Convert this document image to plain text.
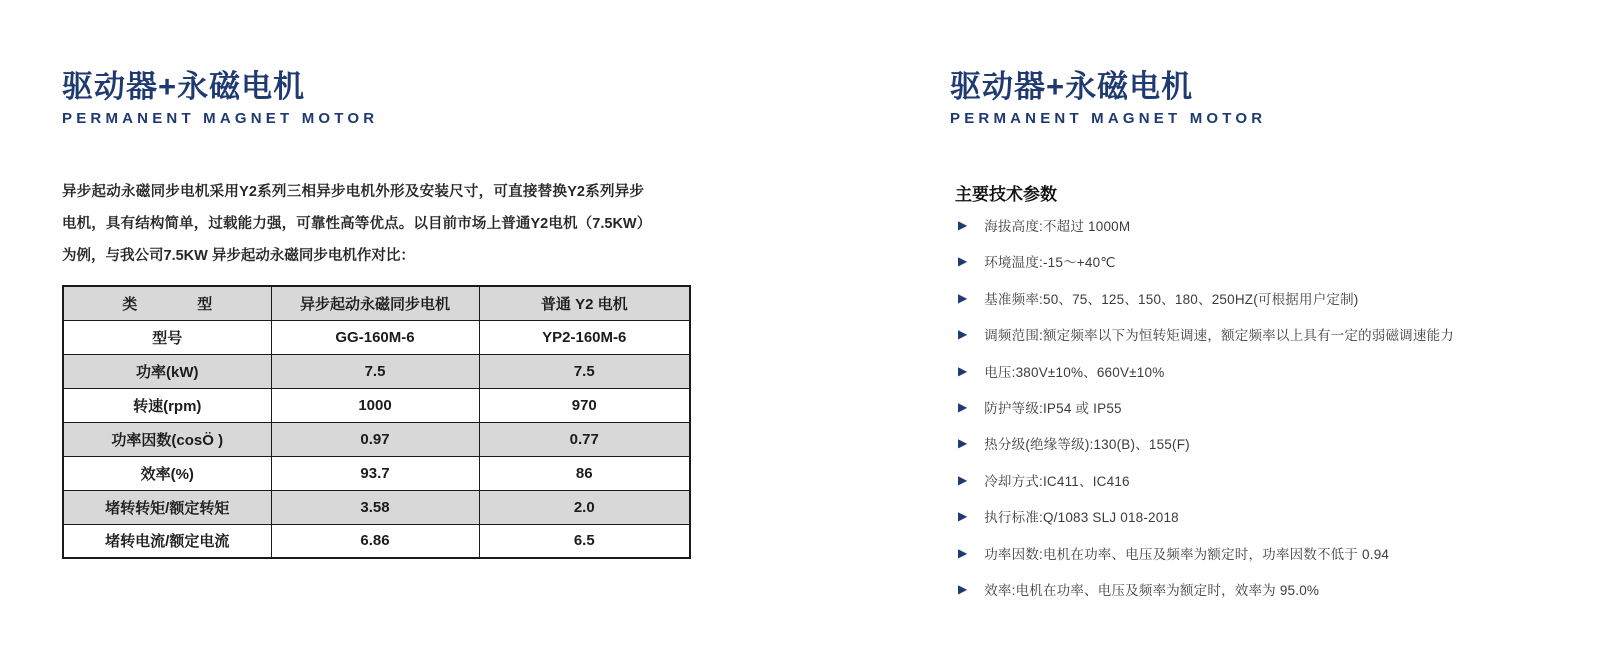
驱动器+永磁电机
PERMANENT MAGNET MOTOR

异步起动永磁同步电机采用Y2系列三相异步电机外形及安装尺寸，可直接替换Y2系列异步电机，具有结构简单，过载能力强，可靠性高等优点。以目前市场上普通Y2电机（7.5KW）为例，与我公司7.5KW 异步起动永磁同步电机作对比：

类　　　　型	异步起动永磁同步电机	普通 Y2 电机
型号	GG-160M-6	YP2-160M-6
功率(kW)	7.5	7.5
转速(rpm)	1000	970
功率因数(cosÖ )	0.97	0.77
效率(%)	93.7	86
堵转转矩/额定转矩	3.58	2.0
堵转电流/额定电流	6.86	6.5
驱动器+永磁电机
PERMANENT MAGNET MOTOR
主要技术参数
▶ 海拔高度:不超过 1000M
▶ 环境温度:-15～+40℃
▶ 基准频率:50、75、125、150、180、250HZ(可根据用户定制)
▶ 调频范围:额定频率以下为恒转矩调速，额定频率以上具有一定的弱磁调速能力
▶ 电压:380V±10%、660V±10%
▶ 防护等级:IP54 或 IP55
▶ 热分级(绝缘等级):130(B)、155(F)
▶ 冷却方式:IC411、IC416
▶ 执行标准:Q/1083 SLJ 018-2018
▶ 功率因数:电机在功率、电压及频率为额定时，功率因数不低于 0.94
▶ 效率:电机在功率、电压及频率为额定时，效率为 95.0%
